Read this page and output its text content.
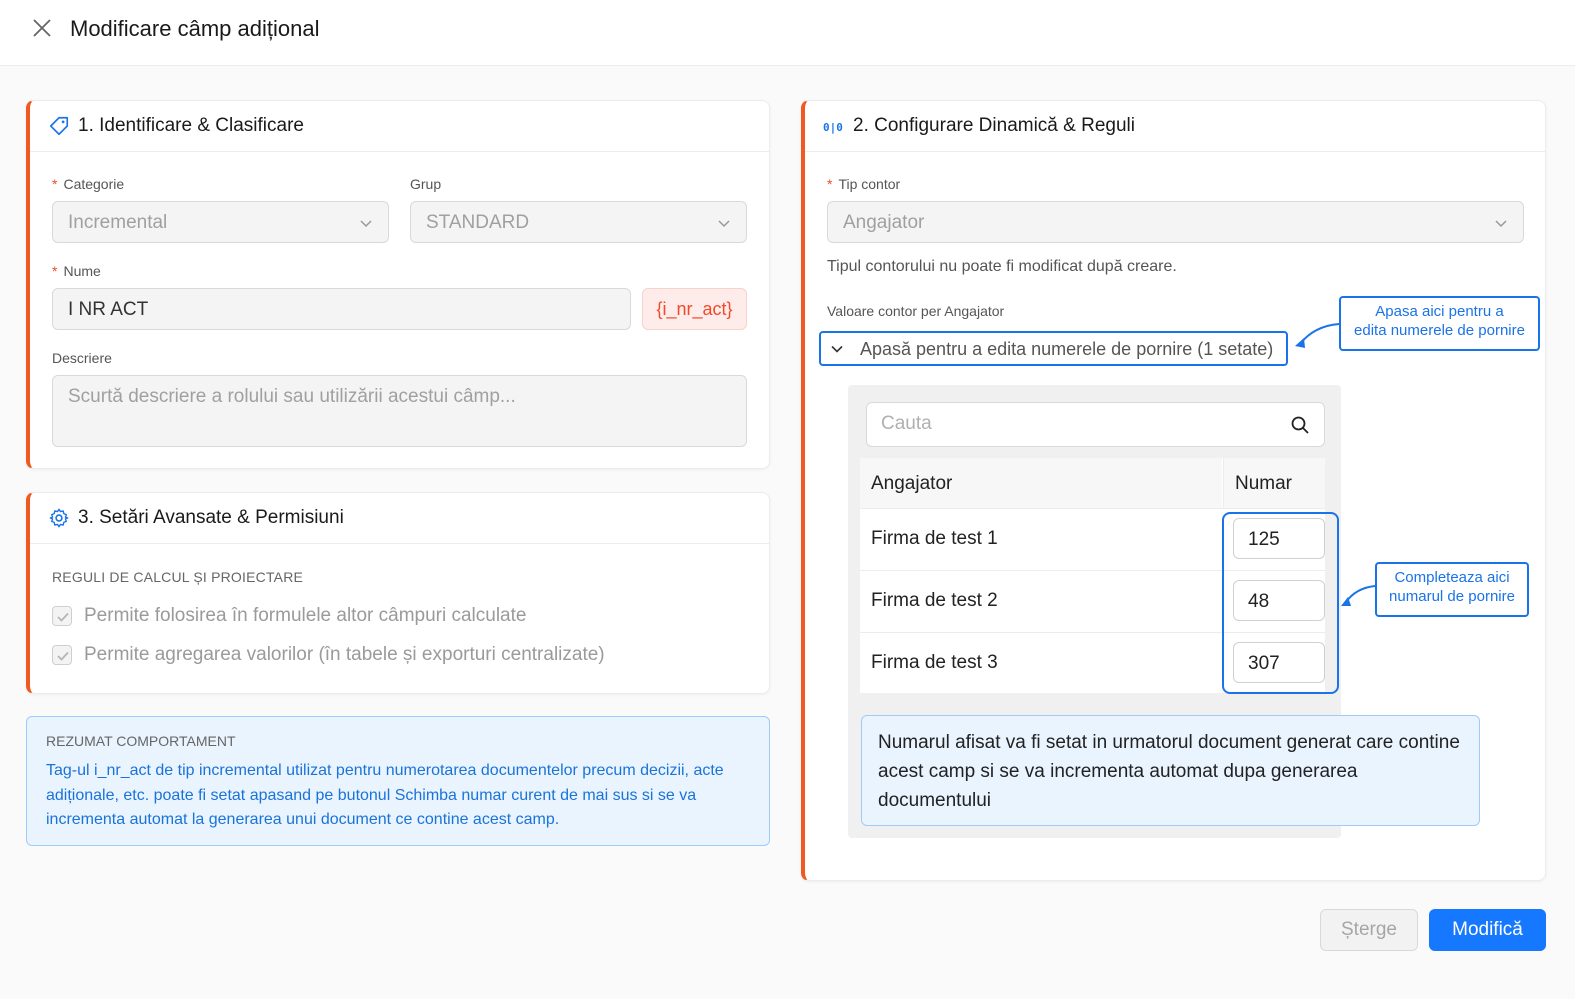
Modificare câmp adițional
1. Identificare & Clasificare
* Categorie
Incremental
Grup
STANDARD
* Nume
I NR ACT	{i_nr_act}
Descriere
Scurtă descriere a rolului sau utilizării acestui câmp...
3. Setări Avansate & Permisiuni
REGULI DE CALCUL ȘI PROIECTARE
Permite folosirea în formulele altor câmpuri calculate
Permite agregarea valorilor (în tabele și exporturi centralizate)
REZUMAT COMPORTAMENT
Tag-ul i_nr_act de tip incremental utilizat pentru numerotarea documentelor precum decizii, acte adiționale, etc. poate fi setat apasand pe butonul Schimba numar curent de mai sus si se va incrementa automat la generarea unui document ce contine acest camp.
0|0 2. Configurare Dinamică & Reguli
* Tip contor
Angajator
Tipul contorului nu poate fi modificat după creare.
Valoare contor per Angajator
Apasă pentru a edita numerele de pornire (1 setate)
Apasa aici pentru a
edita numerele de pornire
Cauta
Angajator	Numar
Firma de test 1	125
Firma de test 2	48
Firma de test 3	307
Completeaza aici
numarul de pornire
Numarul afisat va fi setat in urmatorul document generat care contine acest camp si se va incrementa automat dupa generarea documentului
Șterge	Modifică
